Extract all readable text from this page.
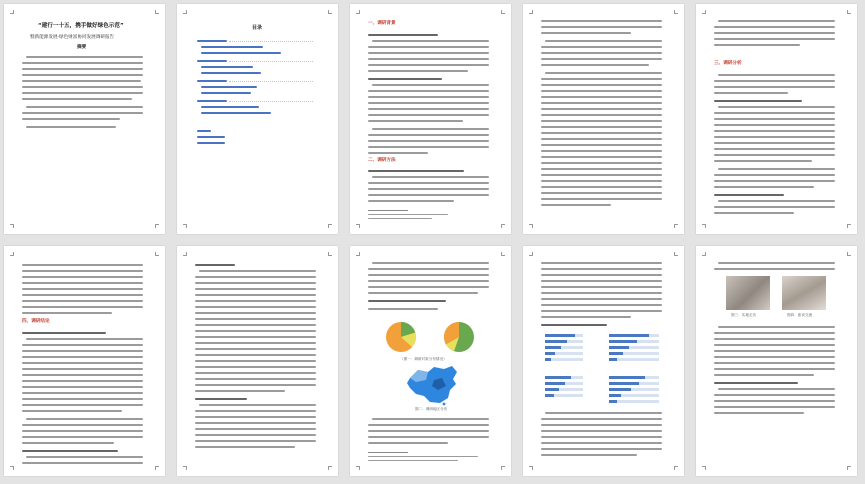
“建行一十五，携手做好绿色示范”
暨新能源发展·绿色财富协同发展调研报告
摘要
目录
一、调研背景
二、调研方法
三、调研分析
四、调研结论
（图一：调研对象分布情况）
图二：调研地区分布
图三：实地走访	图四：座谈交流
